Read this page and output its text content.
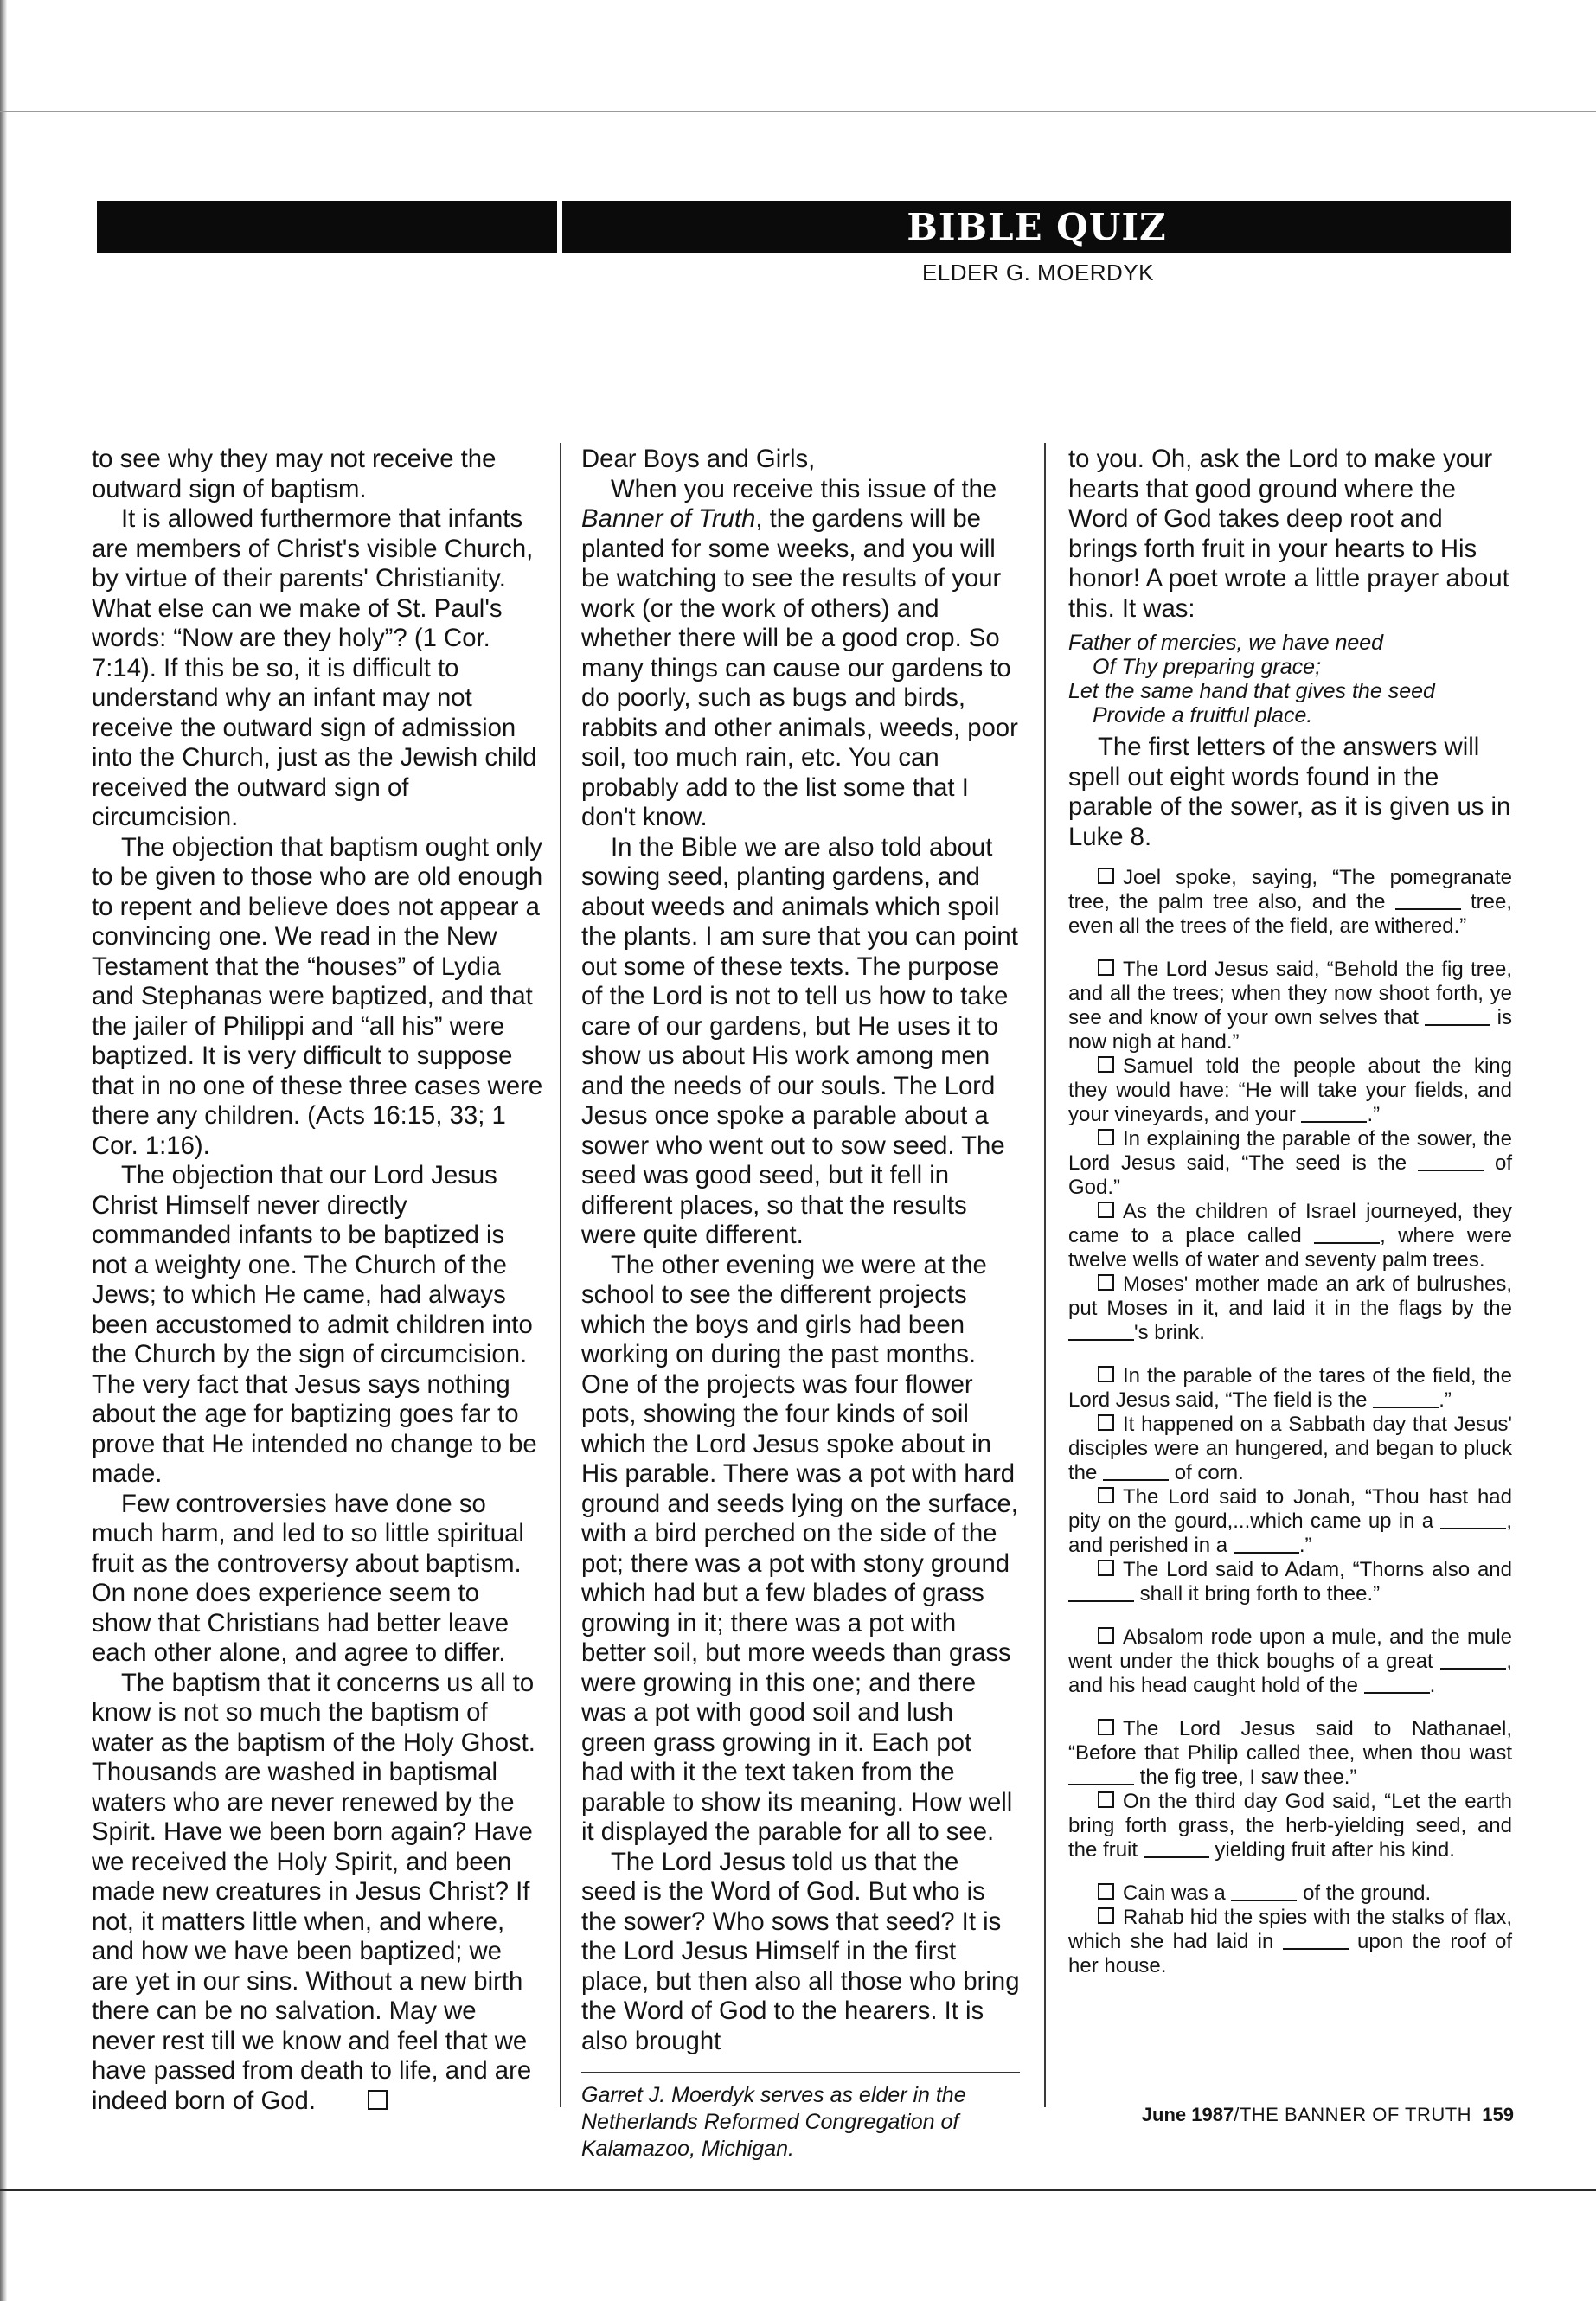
BIBLE QUIZ
ELDER G. MOERDYK

to see why they may not receive the outward sign of baptism.

It is allowed furthermore that infants are members of Christ's visible Church, by virtue of their parents' Christianity. What else can we make of St. Paul's words: “Now are they holy”? (1 Cor. 7:14). If this be so, it is difficult to understand why an infant may not receive the outward sign of admission into the Church, just as the Jewish child received the outward sign of circumcision.

The objection that baptism ought only to be given to those who are old enough to repent and believe does not appear a convincing one. We read in the New Testament that the “houses” of Lydia and Stephanas were baptized, and that the jailer of Philippi and “all his” were baptized. It is very difficult to suppose that in no one of these three cases were there any children. (Acts 16:15, 33; 1 Cor. 1:16).

The objection that our Lord Jesus Christ Himself never directly commanded infants to be baptized is not a weighty one. The Church of the Jews; to which He came, had always been accustomed to admit children into the Church by the sign of circumcision. The very fact that Jesus says nothing about the age for baptizing goes far to prove that He intended no change to be made.

Few controversies have done so much harm, and led to so little spiritual fruit as the controversy about baptism. On none does experience seem to show that Christians had better leave each other alone, and agree to differ.

The baptism that it concerns us all to know is not so much the baptism of water as the baptism of the Holy Ghost. Thousands are washed in baptismal waters who are never renewed by the Spirit. Have we been born again? Have we received the Holy Spirit, and been made new creatures in Jesus Christ? If not, it matters little when, and where, and how we have been baptized; we are yet in our sins. Without a new birth there can be no salvation. May we never rest till we know and feel that we have passed from death to life, and are indeed born of God.

Dear Boys and Girls,

When you receive this issue of the Banner of Truth, the gardens will be planted for some weeks, and you will be watching to see the results of your work (or the work of others) and whether there will be a good crop. So many things can cause our gardens to do poorly, such as bugs and birds, rabbits and other animals, weeds, poor soil, too much rain, etc. You can probably add to the list some that I don't know.

In the Bible we are also told about sowing seed, planting gardens, and about weeds and animals which spoil the plants. I am sure that you can point out some of these texts. The purpose of the Lord is not to tell us how to take care of our gardens, but He uses it to show us about His work among men and the needs of our souls. The Lord Jesus once spoke a parable about a sower who went out to sow seed. The seed was good seed, but it fell in different places, so that the results were quite different.

The other evening we were at the school to see the different projects which the boys and girls had been working on during the past months. One of the projects was four flower pots, showing the four kinds of soil which the Lord Jesus spoke about in His parable. There was a pot with hard ground and seeds lying on the surface, with a bird perched on the side of the pot; there was a pot with stony ground which had but a few blades of grass growing in it; there was a pot with better soil, but more weeds than grass were growing in this one; and there was a pot with good soil and lush green grass growing in it. Each pot had with it the text taken from the parable to show its meaning. How well it displayed the parable for all to see.

The Lord Jesus told us that the seed is the Word of God. But who is the sower? Who sows that seed? It is the Lord Jesus Himself in the first place, but then also all those who bring the Word of God to the hearers. It is also brought

Garret J. Moerdyk serves as elder in the Netherlands Reformed Congregation of Kalamazoo, Michigan.

to you. Oh, ask the Lord to make your hearts that good ground where the Word of God takes deep root and brings forth fruit in your hearts to His honor! A poet wrote a little prayer about this. It was:

Father of mercies, we have need
Of Thy preparing grace;
Let the same hand that gives the seed
Provide a fruitful place.

The first letters of the answers will spell out eight words found in the parable of the sower, as it is given us in Luke 8.

Joel spoke, saying, “The pomegranate tree, the palm tree also, and the	tree, even all the trees of the field, are withered.”

The Lord Jesus said, “Behold the fig tree, and all the trees; when they now shoot forth, ye see and know of your own selves that	is now nigh at hand.”

Samuel told the people about the king they would have: “He will take your fields, and your vineyards, and your	.”

In explaining the parable of the sower, the Lord Jesus said, “The seed is the	of God.”

As the children of Israel journeyed, they came to a place called	, where were twelve wells of water and seventy palm trees.

Moses' mother made an ark of bulrushes, put Moses in it, and laid it in the flags by the 's brink.

In the parable of the tares of the field, the Lord Jesus said, “The field is the	.”

It happened on a Sabbath day that Jesus' disciples were an hungered, and began to pluck the	of corn.

The Lord said to Jonah, “Thou hast had pity on the gourd,...which came up in a	, and perished in a	.”

The Lord said to Adam, “Thorns also and  shall it bring forth to thee.”

Absalom rode upon a mule, and the mule went under the thick boughs of a great	, and his head caught hold of the	.

The Lord Jesus said to Nathanael, “Before that Philip called thee, when thou wast  the fig tree, I saw thee.”

On the third day God said, “Let the earth bring forth grass, the herb-yielding seed, and the fruit	yielding fruit after his kind.

Cain was a	of the ground.

Rahab hid the spies with the stalks of flax, which she had laid in	upon the roof of her house.

June 1987/THE BANNER OF TRUTH 159
